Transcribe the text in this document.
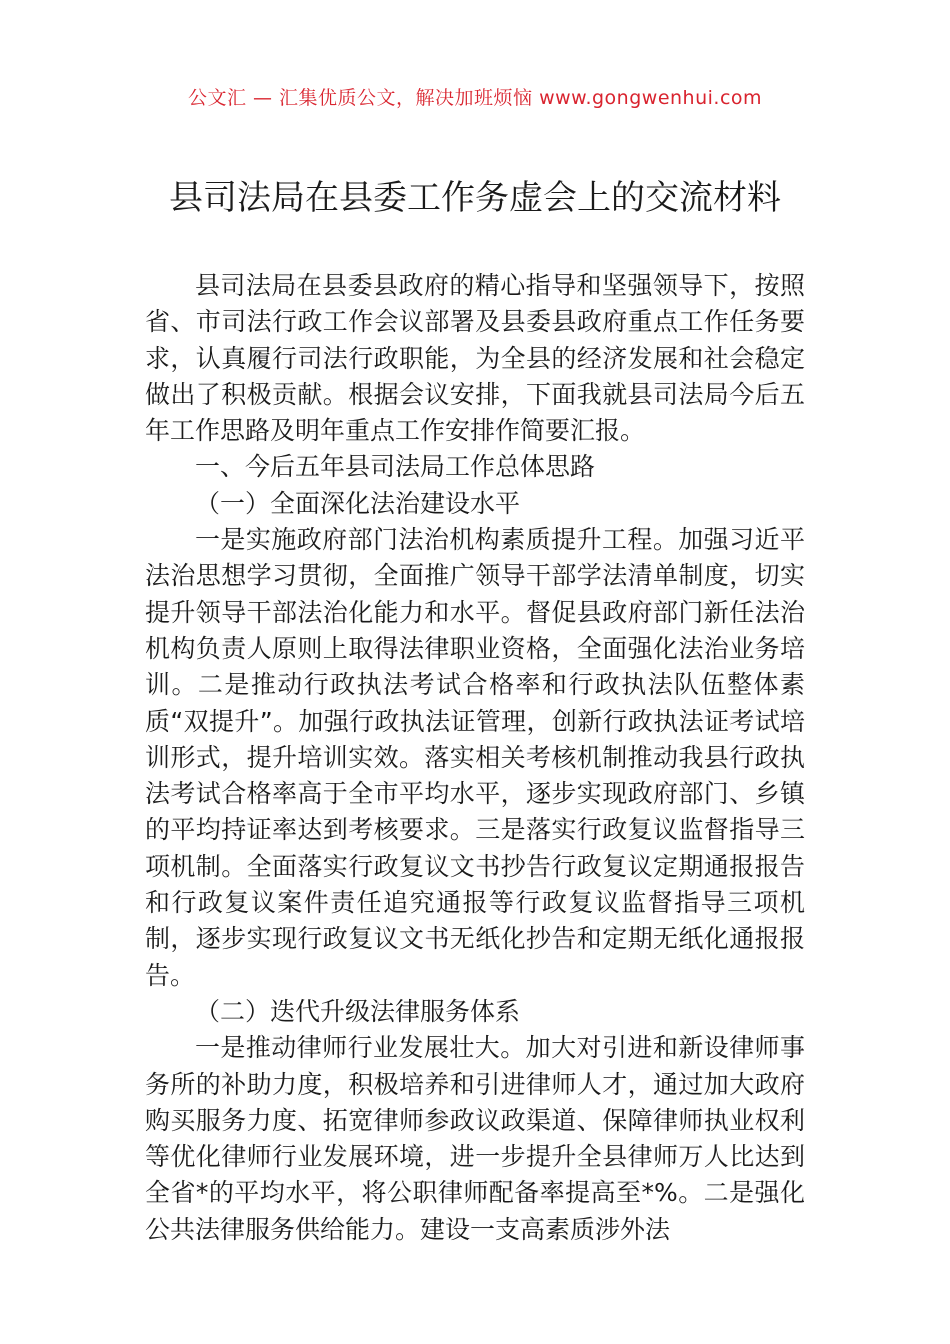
公文汇 — 汇集优质公文，解决加班烦恼 www.gongwenhui.com
县司法局在县委工作务虚会上的交流材料

县司法局在县委县政府的精心指导和坚强领导下，按照省、市司法行政工作会议部署及县委县政府重点工作任务要求，认真履行司法行政职能，为全县的经济发展和社会稳定做出了积极贡献。根据会议安排，下面我就县司法局今后五年工作思路及明年重点工作安排作简要汇报。

一、今后五年县司法局工作总体思路

（一）全面深化法治建设水平

一是实施政府部门法治机构素质提升工程。加强习近平法治思想学习贯彻，全面推广领导干部学法清单制度，切实提升领导干部法治化能力和水平。督促县政府部门新任法治机构负责人原则上取得法律职业资格，全面强化法治业务培训。二是推动行政执法考试合格率和行政执法队伍整体素质“双提升”。加强行政执法证管理，创新行政执法证考试培训形式，提升培训实效。落实相关考核机制推动我县行政执法考试合格率高于全市平均水平，逐步实现政府部门、乡镇的平均持证率达到考核要求。三是落实行政复议监督指导三项机制。全面落实行政复议文书抄告行政复议定期通报报告和行政复议案件责任追究通报等行政复议监督指导三项机制，逐步实现行政复议文书无纸化抄告和定期无纸化通报报告。

（二）迭代升级法律服务体系

一是推动律师行业发展壮大。加大对引进和新设律师事务所的补助力度，积极培养和引进律师人才，通过加大政府购买服务力度、拓宽律师参政议政渠道、保障律师执业权利等优化律师行业发展环境，进一步提升全县律师万人比达到全省*的平均水平，将公职律师配备率提高至*%。二是强化公共法律服务供给能力。建设一支高素质涉外法
